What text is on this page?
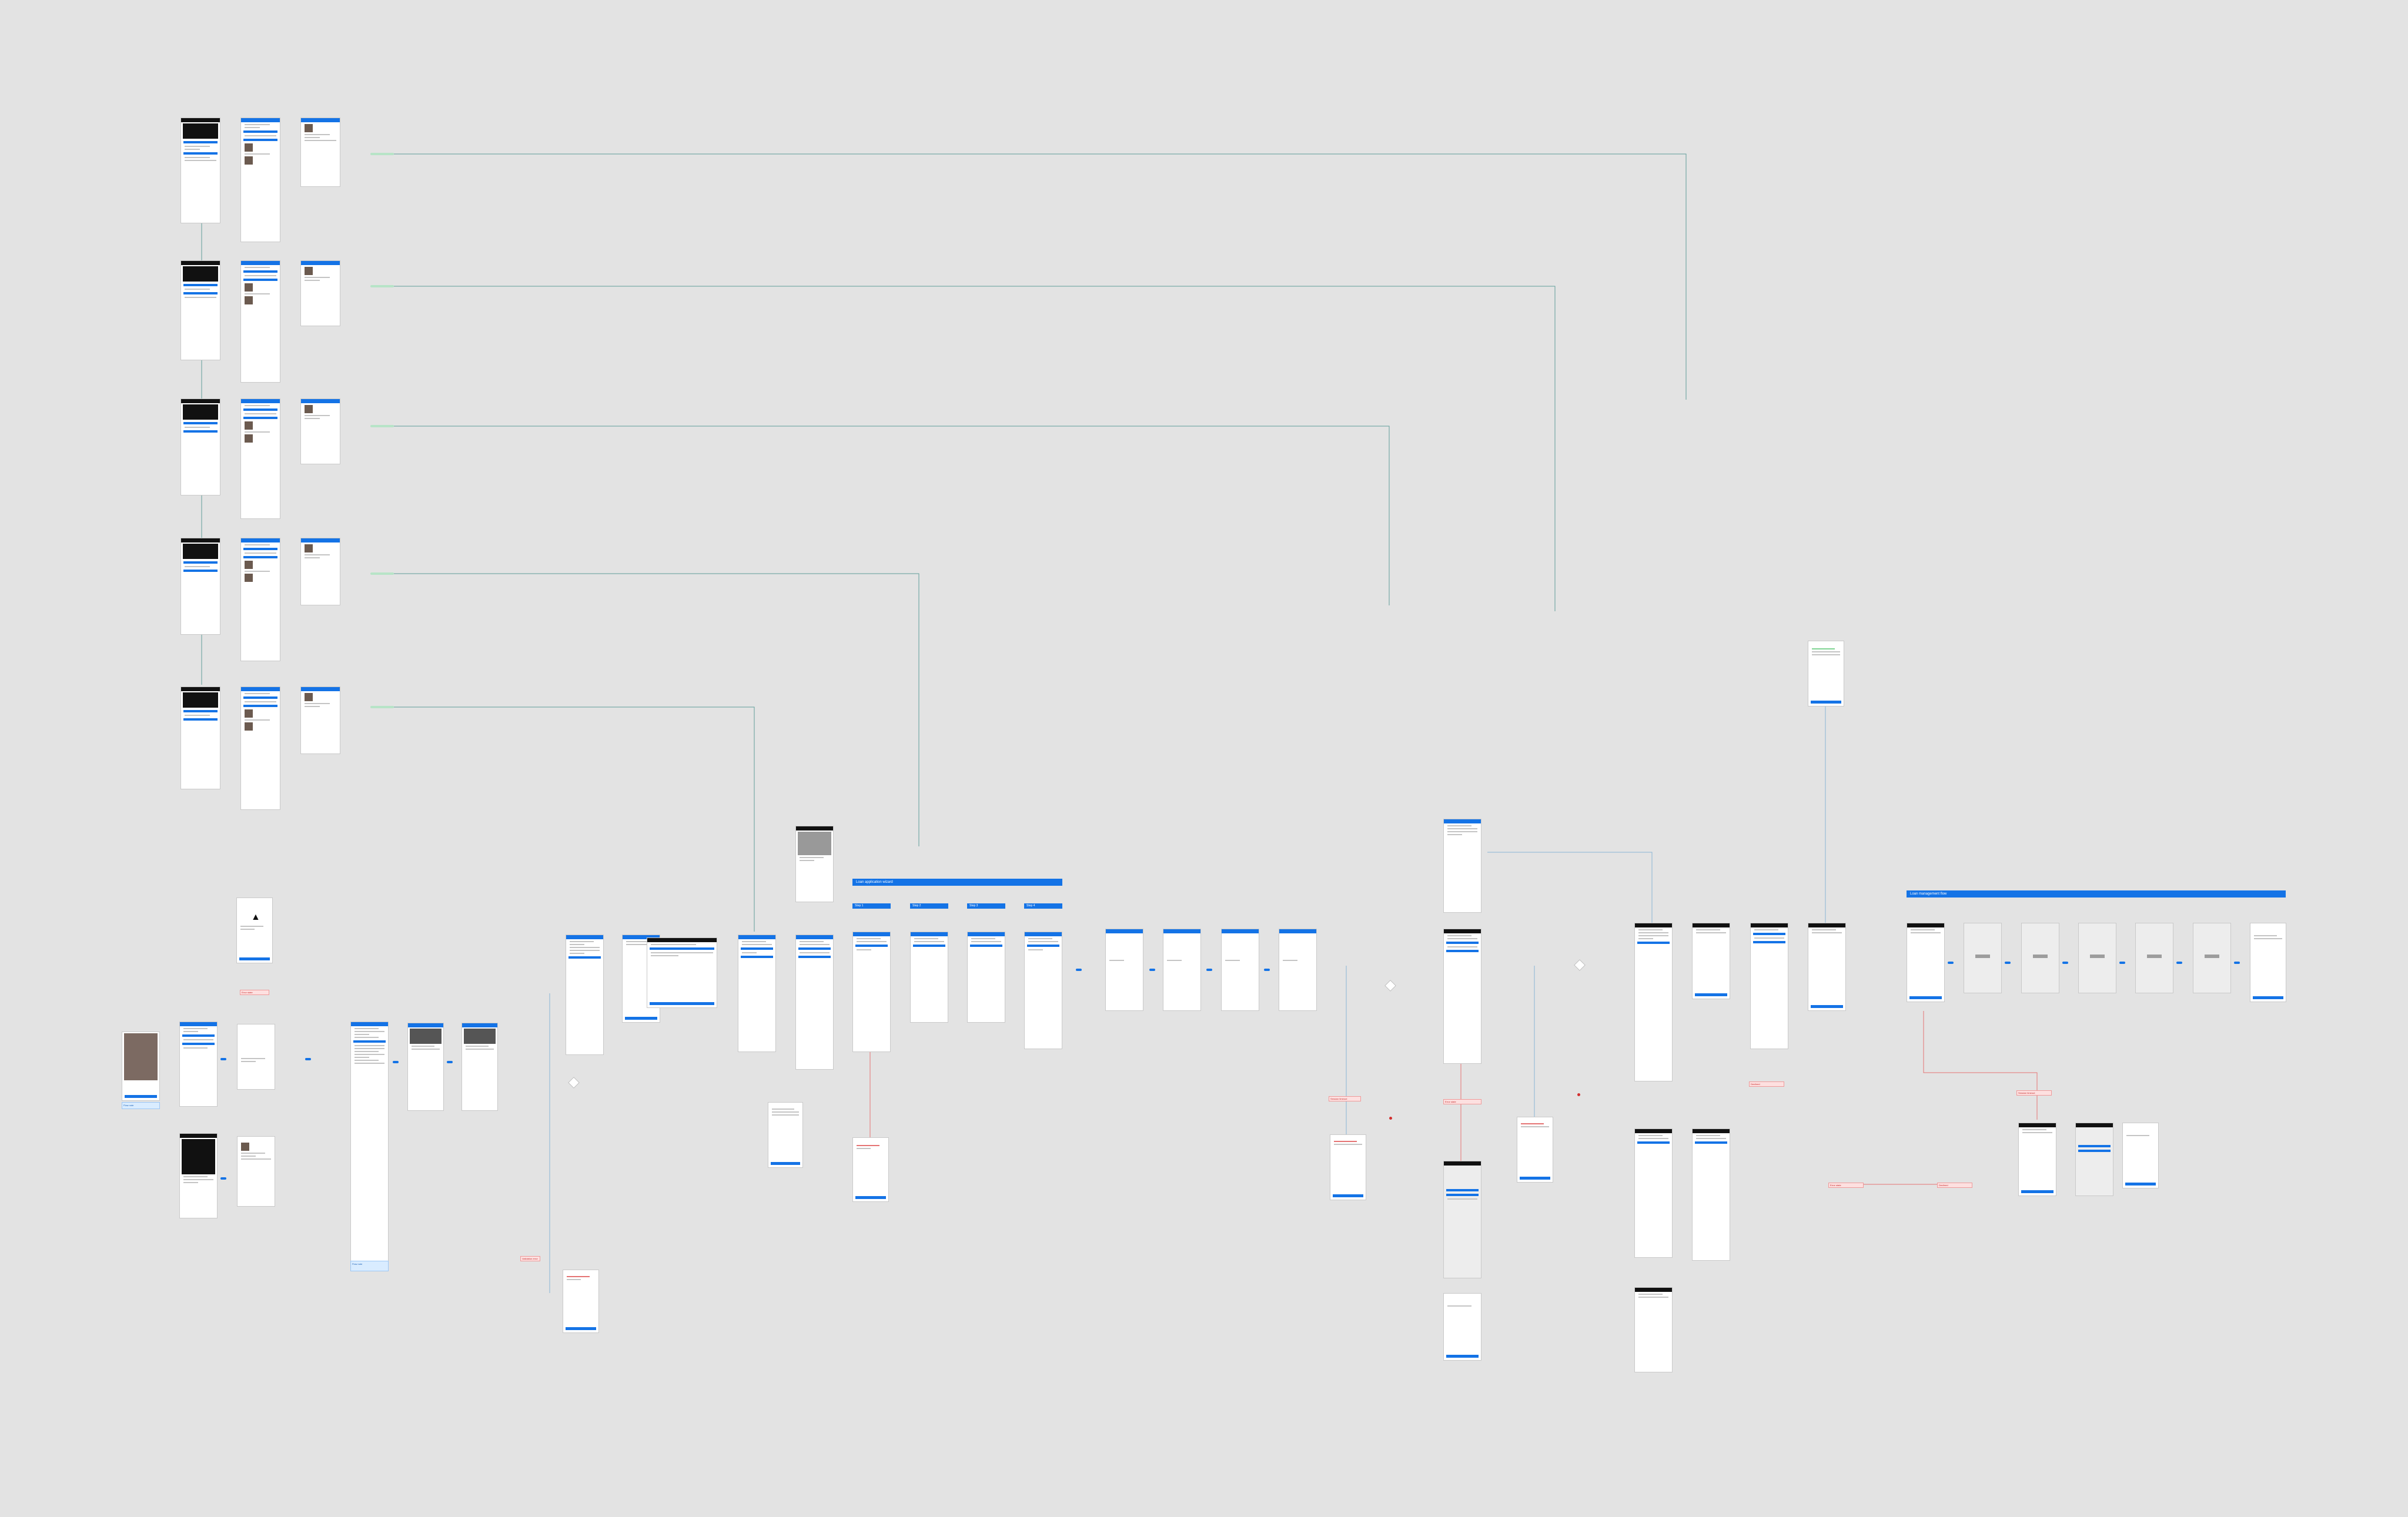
▲
Error state
Flow note
Flow note
Validation error
Loan application wizard
Step 1	Step 2	Step 3	Step 4
Session timeout
Error state
Declined
Error state	Declined
Session timeout
Loan management flow
